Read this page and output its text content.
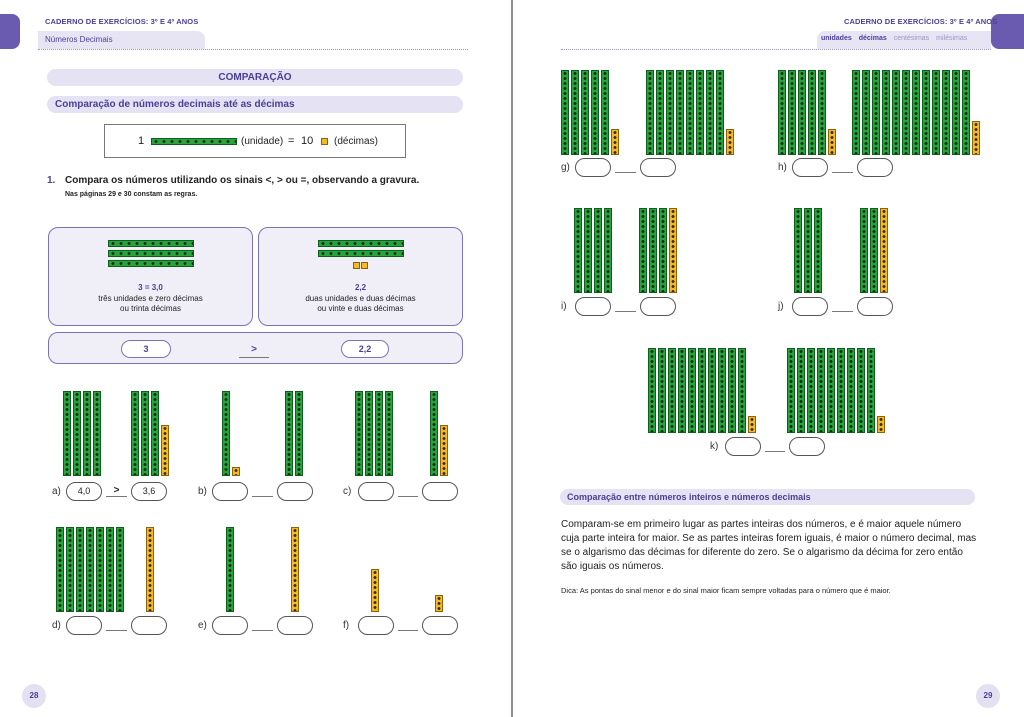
CADERNO DE EXERCÍCIOS: 3º E 4º ANOS
Números Decimais
COMPARAÇÃO
Comparação de números decimais até as décimas
1	(unidade) = 10 (décimas)
1. Compara os números utilizando os sinais <, > ou =, observando a gravura.
Nas páginas 29 e 30 constam as regras.
3 = 3,0
três unidades e zero décimas
ou trinta décimas
2,2
duas unidades e duas décimas
ou vinte e duas décimas
3	>	2,2
a)	4,0	>	3,6	b)	c)
d)	e)	f)
28
CADERNO DE EXERCÍCIOS: 3º E 4º ANOS
unidades décimas centésimas milésimas
g)	h)
i)	j)
k)
Comparação entre números inteiros e números decimais
Comparam-se em primeiro lugar as partes inteiras dos números, e é maior aquele número cuja parte inteira for maior. Se as partes inteiras forem iguais, é maior o número decimal, mas se o algarismo das décimas for diferente do zero. Se o algarismo da décima for zero então são iguais os números.
Dica: As pontas do sinal menor e do sinal maior ficam sempre voltadas para o número que é maior.
29
